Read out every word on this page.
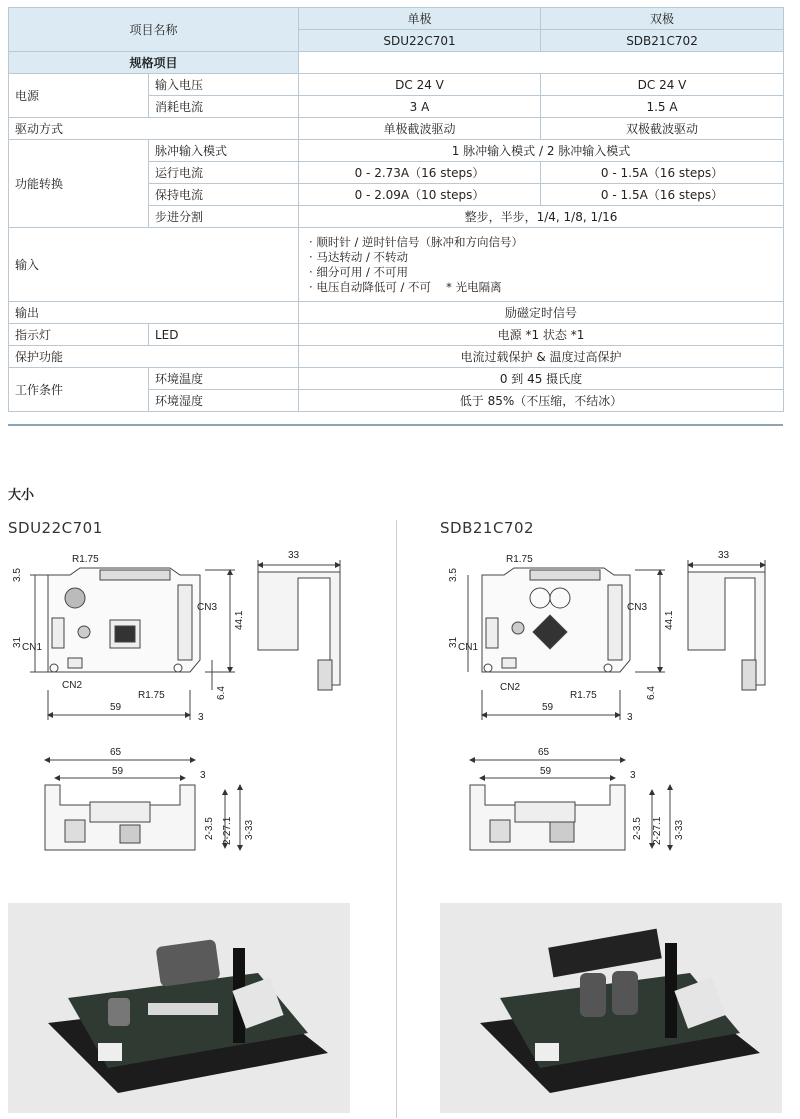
项目名称		单极	双极
		SDU22C701	SDB21C702
规格项目			
电源	输入电压	DC 24 V	DC 24 V
	消耗电流	3 A	1.5 A
驱动方式		单极截波驱动	双极截波驱动
功能转换	脉冲输入模式	1 脉冲输入模式 / 2 脉冲输入模式	
	运行电流	0 - 2.73A（16 steps）	0 - 1.5A（16 steps）
	保持电流	0 - 2.09A（10 steps）	0 - 1.5A（16 steps）
	步进分割	整步，半步，1/4, 1/8, 1/16	
输入		· 顺时针 / 逆时针信号（脉冲和方向信号）
· 马达转动 / 不转动
· 细分可用 / 不可用
· 电压自动降低可 / 不可　 * 光电隔离	

输出		励磁定时信号	
指示灯	LED	电源 *1 状态 *1	
保护功能		电流过载保护 & 温度过高保护	
工作条件	环境温度	0 到 45 摄氏度	
	环境湿度	低于 85%（不压缩，不结冰）	
大小
SDU22C701	SDB21C702
33
R1.75
3.5
CN3
44.1
31 CN1
CN2
R1.75	6.4
59
3
65
59	3
2-3.5 2-27.1 3-33
33
R1.75
3.5
CN3
44.1
31 CN1
CN2
R1.75	6.4
59
3
65
59	3
2-3.5 2-27.1 3-33
